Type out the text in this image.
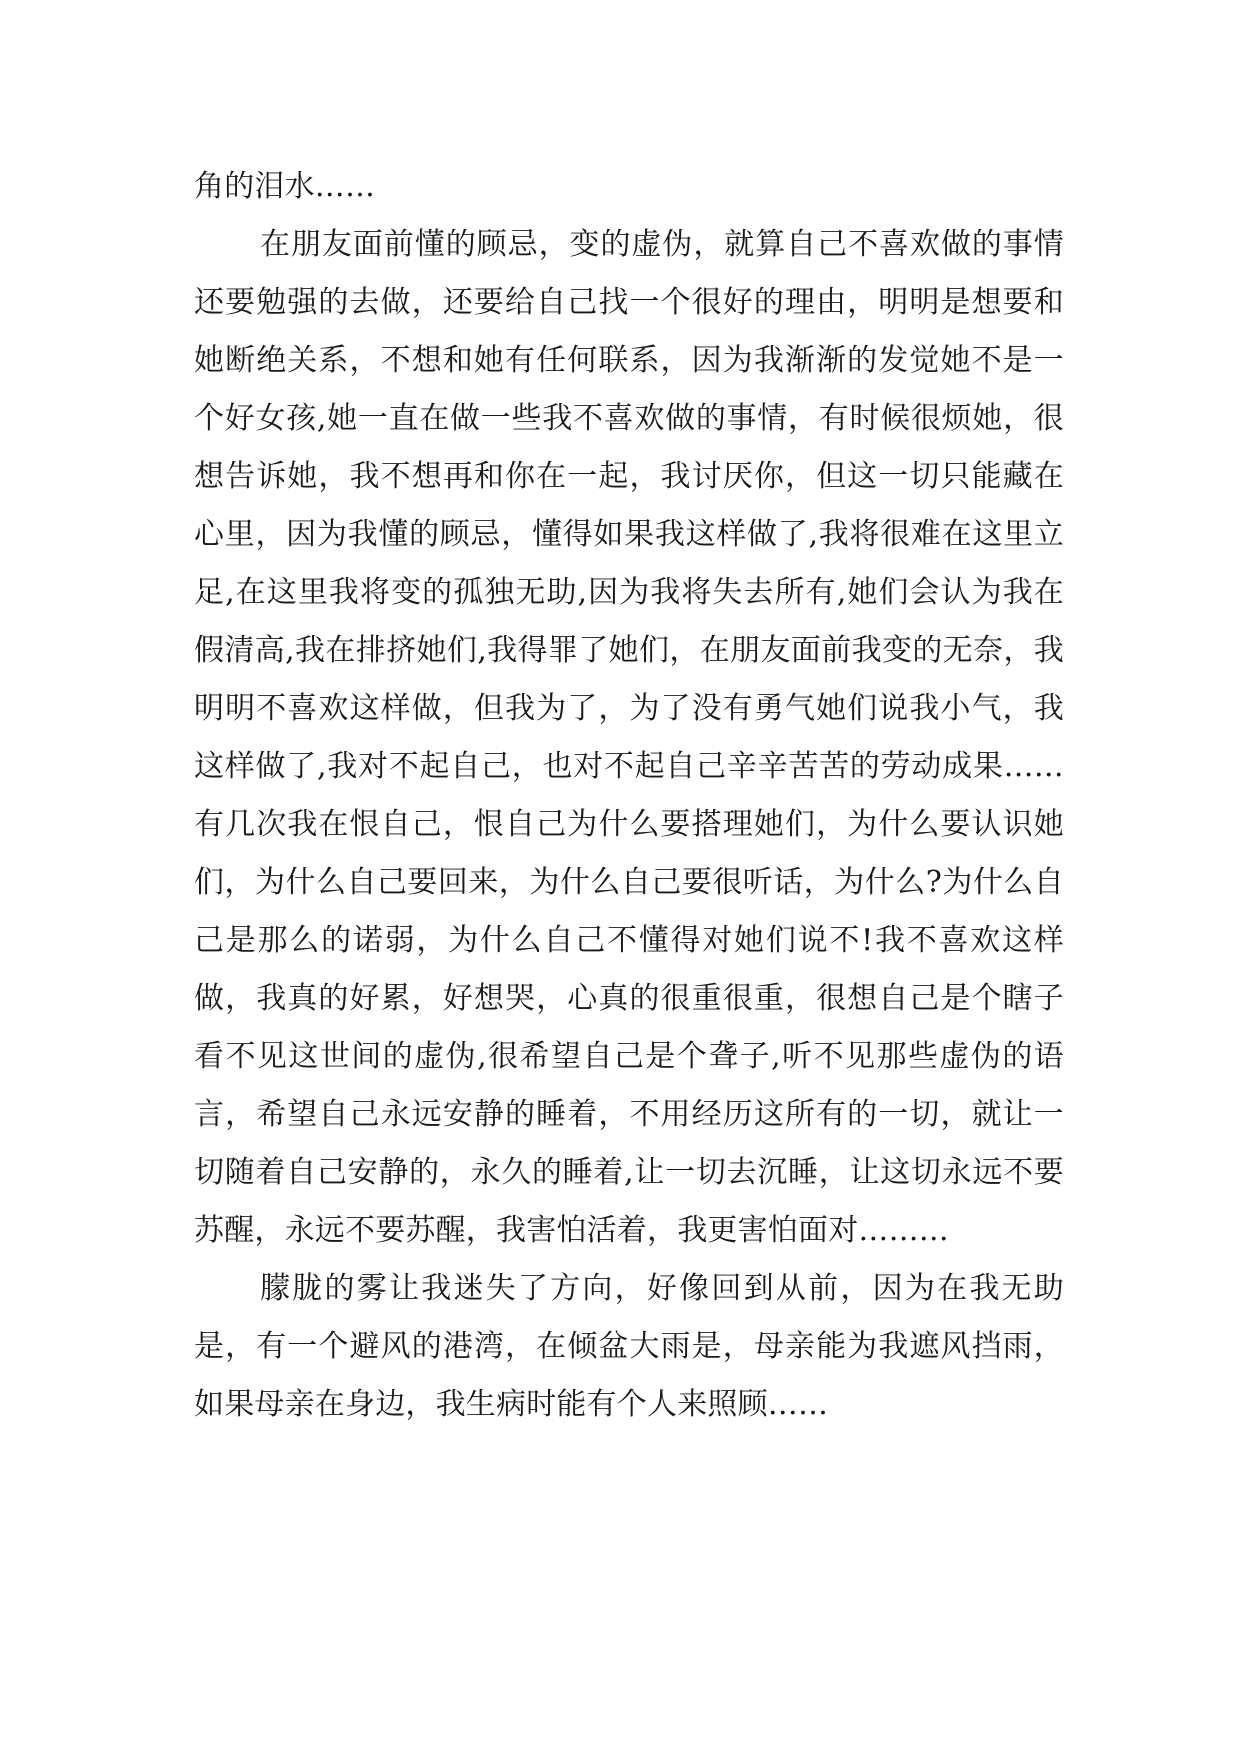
角的泪水……

在朋友面前懂的顾忌，变的虚伪，就算自己不喜欢做的事情还要勉强的去做，还要给自己找一个很好的理由，明明是想要和她断绝关系，不想和她有任何联系，因为我渐渐的发觉她不是一个好女孩,她一直在做一些我不喜欢做的事情，有时候很烦她，很想告诉她，我不想再和你在一起，我讨厌你，但这一切只能藏在心里，因为我懂的顾忌，懂得如果我这样做了,我将很难在这里立足,在这里我将变的孤独无助,因为我将失去所有,她们会认为我在假清高,我在排挤她们,我得罪了她们，在朋友面前我变的无奈，我明明不喜欢这样做，但我为了，为了没有勇气她们说我小气，我这样做了,我对不起自己，也对不起自己辛辛苦苦的劳动成果……有几次我在恨自己，恨自己为什么要搭理她们，为什么要认识她们，为什么自己要回来，为什么自己要很听话，为什么?为什么自己是那么的诺弱，为什么自己不懂得对她们说不!我不喜欢这样做，我真的好累，好想哭，心真的很重很重，很想自己是个瞎子看不见这世间的虚伪,很希望自己是个聋子,听不见那些虚伪的语言，希望自己永远安静的睡着，不用经历这所有的一切，就让一切随着自己安静的，永久的睡着,让一切去沉睡，让这切永远不要苏醒，永远不要苏醒，我害怕活着，我更害怕面对………

朦胧的雾让我迷失了方向，好像回到从前，因为在我无助是，有一个避风的港湾，在倾盆大雨是，母亲能为我遮风挡雨，如果母亲在身边，我生病时能有个人来照顾……
